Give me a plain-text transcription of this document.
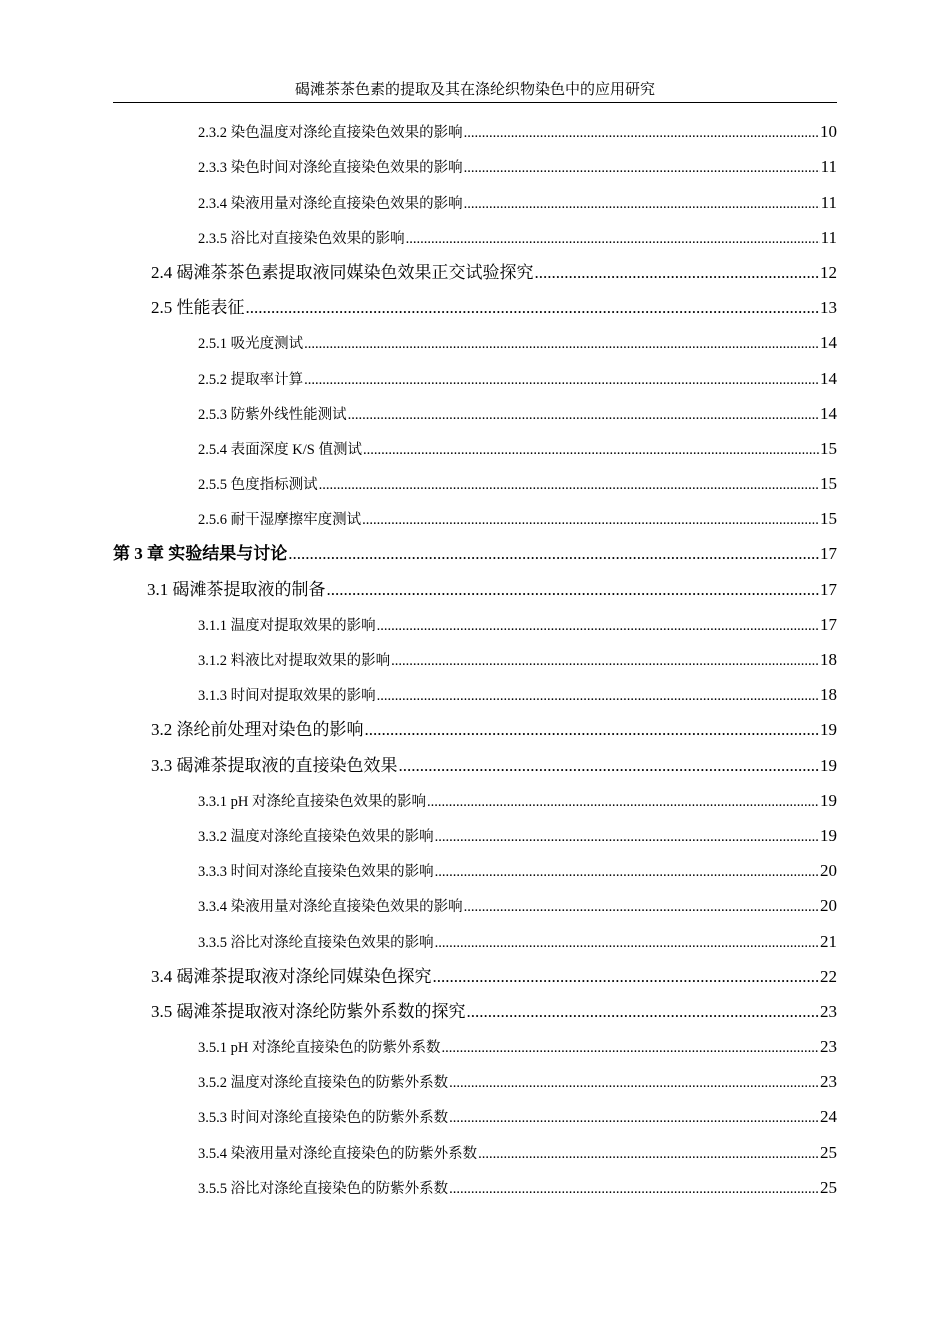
碣滩茶茶色素的提取及其在涤纶织物染色中的应用研究
2.3.2 染色温度对涤纶直接染色效果的影响 .....	10
2.3.3 染色时间对涤纶直接染色效果的影响 .....	11
2.3.4 染液用量对涤纶直接染色效果的影响 .....	11
2.3.5 浴比对直接染色效果的影响 .....	11
2.4 碣滩茶茶色素提取液同媒染色效果正交试验探究 .....	12
2.5 性能表征 .....	13
2.5.1 吸光度测试 .....	14
2.5.2 提取率计算 .....	14
2.5.3 防紫外线性能测试 .....	14
2.5.4 表面深度 K/S 值测试 .....	15
2.5.5 色度指标测试 .....	15
2.5.6 耐干湿摩擦牢度测试 .....	15
第 3 章 实验结果与讨论 .....	17
3.1 碣滩茶提取液的制备 .....	17
3.1.1 温度对提取效果的影响 .....	17
3.1.2 料液比对提取效果的影响 .....	18
3.1.3 时间对提取效果的影响 .....	18
3.2 涤纶前处理对染色的影响 .....	19
3.3 碣滩茶提取液的直接染色效果 .....	19
3.3.1 pH 对涤纶直接染色效果的影响 .....	19
3.3.2 温度对涤纶直接染色效果的影响 .....	19
3.3.3 时间对涤纶直接染色效果的影响 .....	20
3.3.4 染液用量对涤纶直接染色效果的影响 .....	20
3.3.5 浴比对涤纶直接染色效果的影响 .....	21
3.4 碣滩茶提取液对涤纶同媒染色探究 .....	22
3.5 碣滩茶提取液对涤纶防紫外系数的探究 .....	23
3.5.1 pH 对涤纶直接染色的防紫外系数 .....	23
3.5.2 温度对涤纶直接染色的防紫外系数 .....	23
3.5.3 时间对涤纶直接染色的防紫外系数 .....	24
3.5.4 染液用量对涤纶直接染色的防紫外系数 .....	25
3.5.5 浴比对涤纶直接染色的防紫外系数 .....	25
